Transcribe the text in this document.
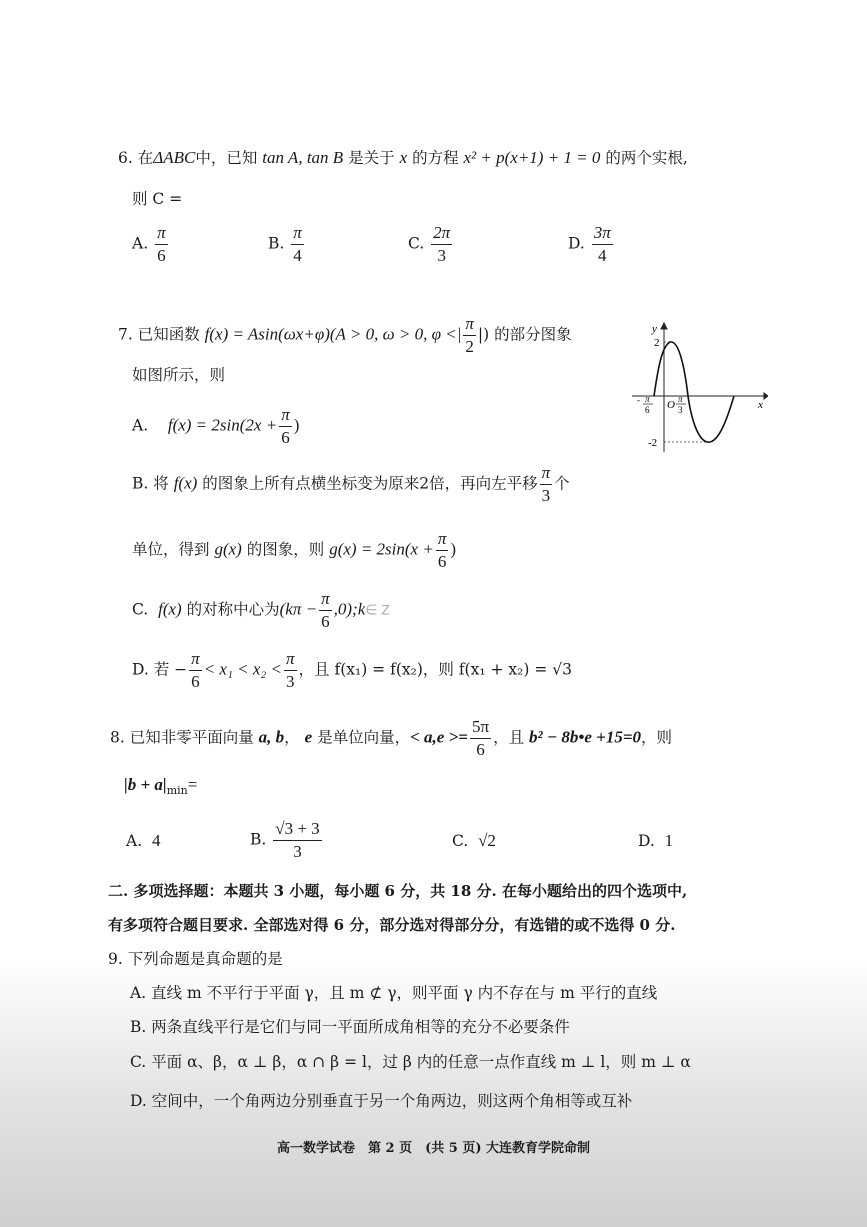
6. 在ΔABC中，已知 tan A, tan B 是关于 x 的方程 x² + p(x+1) + 1 = 0 的两个实根,
则 C =
A. $\frac{\pi}{6}$	B. $\frac{\pi}{4}$	C. $\frac{2\pi}{3}$	D. $\frac{3\pi}{4}$
7. 已知函数 f(x) = Asin(ωx+φ)(A > 0, ω > 0, φ <| $\frac{\pi}{2}$ |) 的部分图象
如图所示，则
A. $f(x) = 2\sin(2x + \frac{\pi}{6}$ )
B. 将 f(x) 的图象上所有点横坐标变为原来2倍，再向左平移 $\frac{\pi}{3}$ 个
单位，得到 g(x) 的图象，则 $g(x) = 2\sin(x + \frac{\pi}{6}$ )
C. f(x) 的对称中心为($k\pi - \frac{\pi}{6}$ ,0);k∈ Z
D. 若 − $\frac{\pi}{6} < x_1 < x_2 < \frac{\pi}{3}$ ，且 f(x₁) = f(x₂)，则 f(x₁ + x₂) = √3
y
x
O
2
-2
- π
6
π
3
8. 已知非零平面向量 a, b， e 是单位向量，< $a,e >= \frac{5\pi}{6}$ ，且 b² − 8b•e +15=0，则
$|b + a|_{min}=$
A. 4	B. $\frac{√3 + 3}{3}$	C. √2	D. 1
二. 多项选择题：本题共 3 小题，每小题 6 分，共 18 分. 在每小题给出的四个选项中,
有多项符合题目要求. 全部选对得 6 分，部分选对得部分分，有选错的或不选得 0 分.
9. 下列命题是真命题的是
A. 直线 m 不平行于平面 γ，且 m ⊄ γ，则平面 γ 内不存在与 m 平行的直线
B. 两条直线平行是它们与同一平面所成角相等的充分不必要条件
C. 平面 α、β，α ⊥ β，α ∩ β = l，过 β 内的任意一点作直线 m ⊥ l，则 m ⊥ α
D. 空间中，一个角两边分别垂直于另一个角两边，则这两个角相等或互补
高一数学试卷　第 2 页　(共 5 页) 大连教育学院命制
